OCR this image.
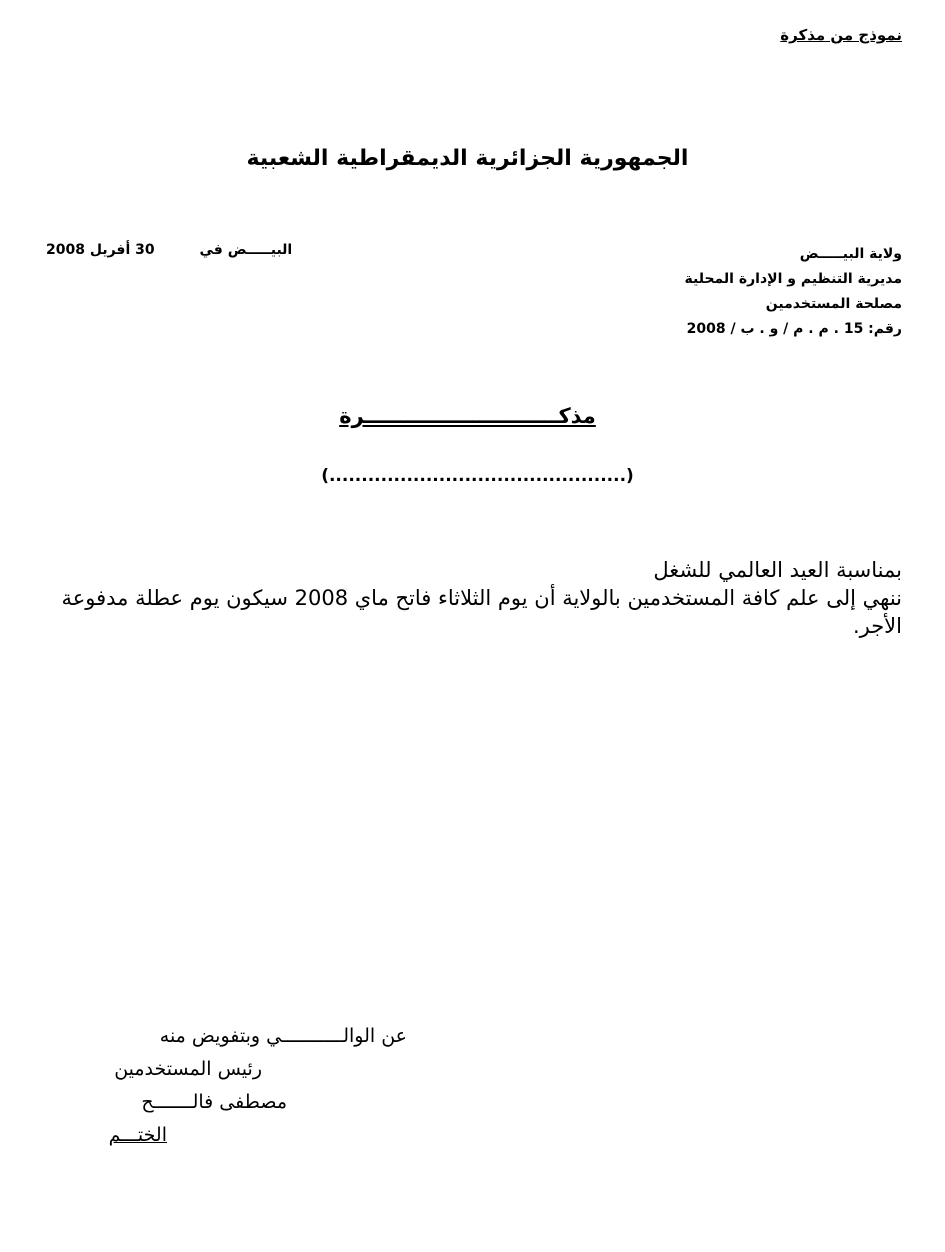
نموذج من مذكرة
الجمهورية الجزائرية الديمقراطية الشعبية
ولاية البيـــــض
مديرية التنظيم و الإدارة المحلية
مصلحة المستخدمين
رقم: 15 . م . م / و . ب / 2008
البيـــــض في 30 أفريل 2008
مذكـــــــــــــــــــــــــــرة
(..............................................)

بمناسبة العيد العالمي للشغل

ننهي إلى علم كافة المستخدمين بالولاية أن يوم الثلاثاء فاتح ماي 2008 سيكون يوم عطلة مدفوعة الأجر.

عن الوالـــــــــــي وبتفويض منه
رئيس المستخدمين
مصطفى فالـــــــح
الختـــم
